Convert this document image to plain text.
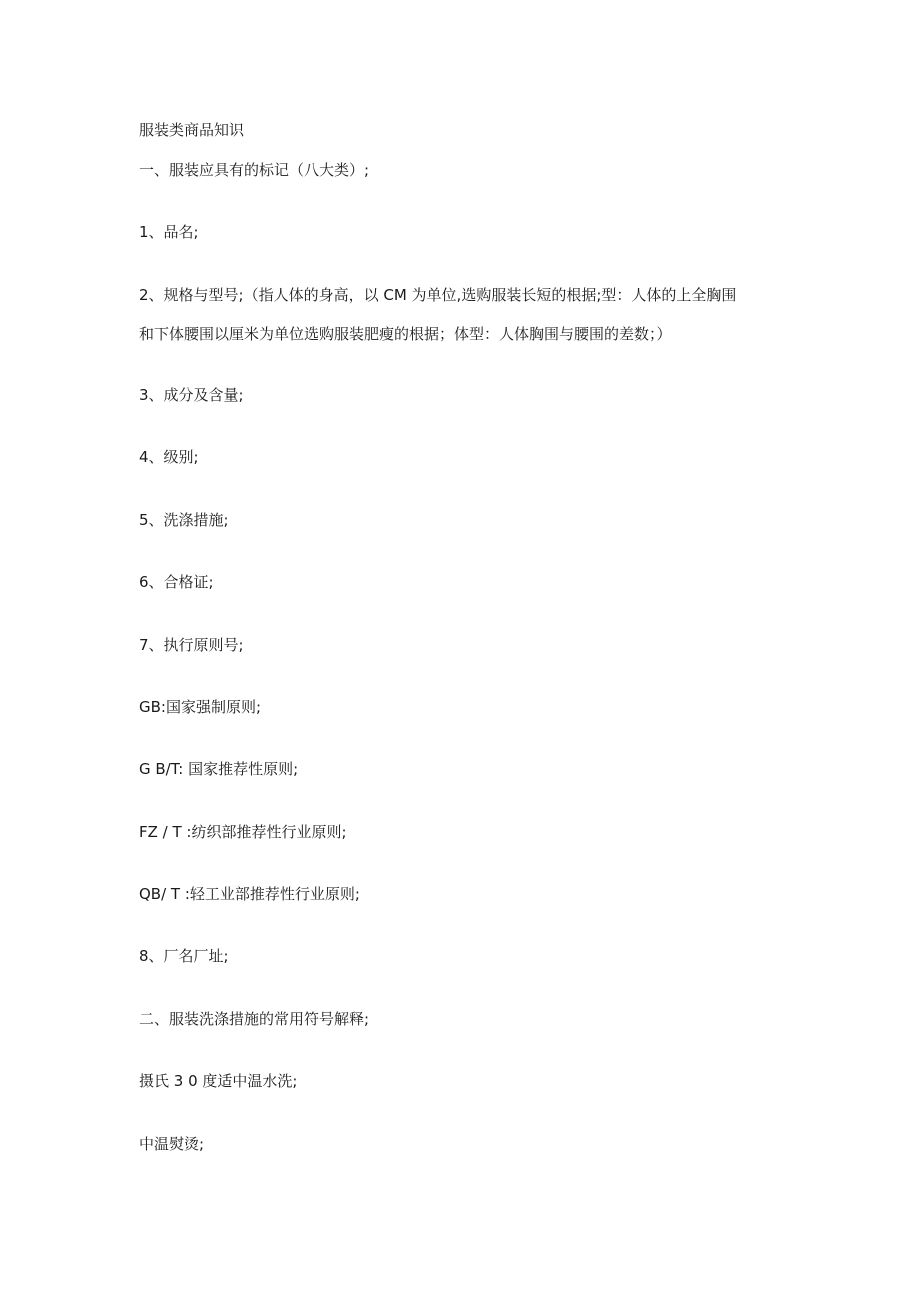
服装类商品知识
一、服装应具有的标记（八大类）;
1、品名;
2、规格与型号;（指人体的身高，以 CM 为单位,选购服装长短的根据;型：人体的上全胸围
和下体腰围以厘米为单位选购服装肥瘦的根据；体型：人体胸围与腰围的差数；）
3、成分及含量;
4、级别;
5、洗涤措施;
6、合格证;
7、执行原则号;
GB:国家强制原则;
G B/T: 国家推荐性原则;
FZ / T :纺织部推荐性行业原则;
QB/ T :轻工业部推荐性行业原则;
8、厂名厂址;
二、服装洗涤措施的常用符号解释;
摄氏 3 0 度适中温水洗;
中温熨烫;
